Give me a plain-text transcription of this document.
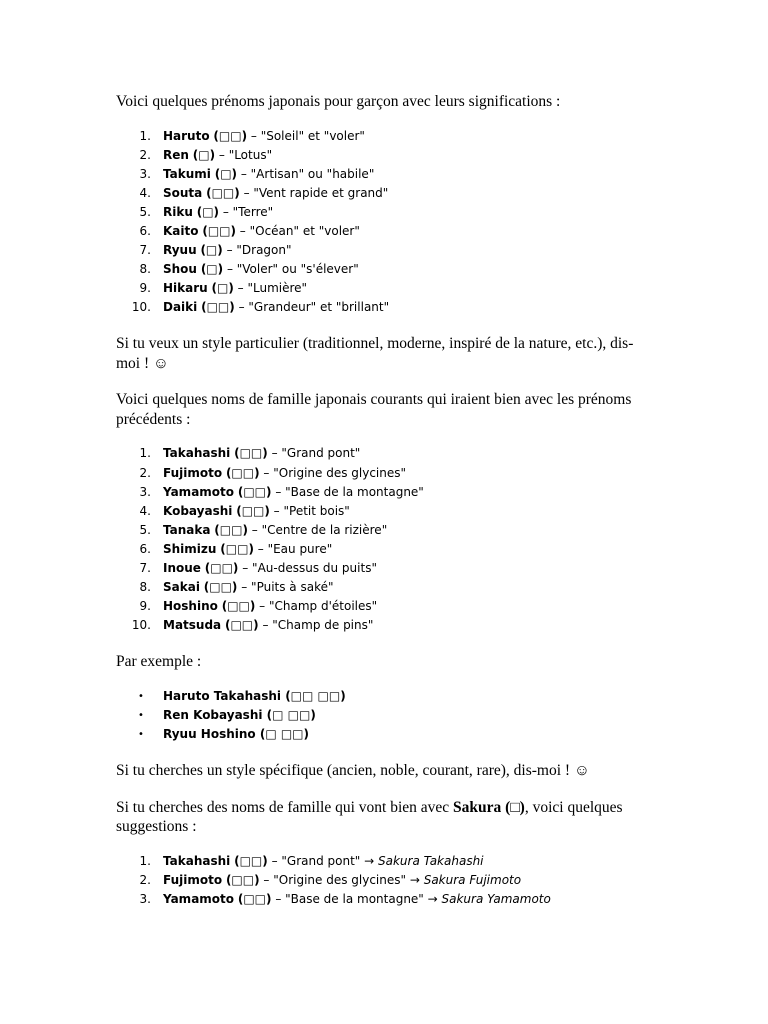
Voici quelques prénoms japonais pour garçon avec leurs significations :

1. Haruto (□□) – "Soleil" et "voler"
2. Ren (□) – "Lotus"
3. Takumi (□) – "Artisan" ou "habile"
4. Souta (□□) – "Vent rapide et grand"
5. Riku (□) – "Terre"
6. Kaito (□□) – "Océan" et "voler"
7. Ryuu (□) – "Dragon"
8. Shou (□) – "Voler" ou "s'élever"
9. Hikaru (□) – "Lumière"
10. Daiki (□□) – "Grandeur" et "brillant"

Si tu veux un style particulier (traditionnel, moderne, inspiré de la nature, etc.), dis-moi ! ☺

Voici quelques noms de famille japonais courants qui iraient bien avec les prénoms précédents :

1. Takahashi (□□) – "Grand pont"
2. Fujimoto (□□) – "Origine des glycines"
3. Yamamoto (□□) – "Base de la montagne"
4. Kobayashi (□□) – "Petit bois"
5. Tanaka (□□) – "Centre de la rizière"
6. Shimizu (□□) – "Eau pure"
7. Inoue (□□) – "Au-dessus du puits"
8. Sakai (□□) – "Puits à saké"
9. Hoshino (□□) – "Champ d'étoiles"
10. Matsuda (□□) – "Champ de pins"

Par exemple :

•	Haruto Takahashi (□□ □□)
•	Ren Kobayashi (□ □□)
•	Ryuu Hoshino (□ □□)

Si tu cherches un style spécifique (ancien, noble, courant, rare), dis-moi ! ☺

Si tu cherches des noms de famille qui vont bien avec Sakura (□), voici quelques suggestions :

1. Takahashi (□□) – "Grand pont" → Sakura Takahashi
2. Fujimoto (□□) – "Origine des glycines" → Sakura Fujimoto
3. Yamamoto (□□) – "Base de la montagne" → Sakura Yamamoto
